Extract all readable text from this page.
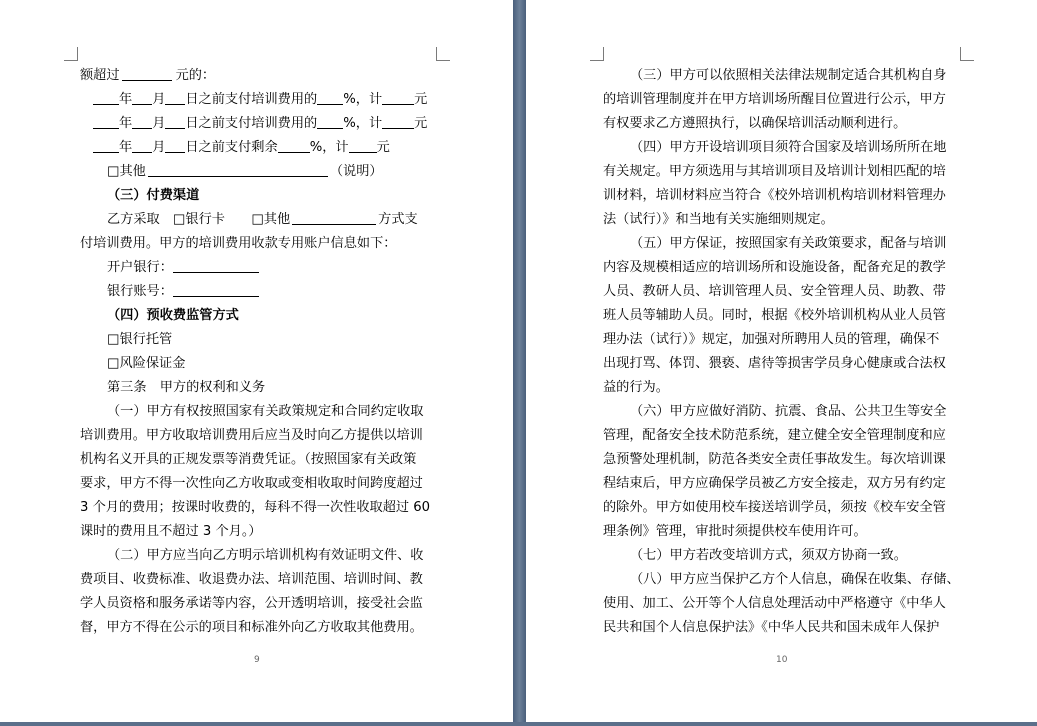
额超过	元的：
年 月 日之前支付培训费用的 %，计 元
年 月 日之前支付培训费用的 %，计 元
年 月 日之前支付剩余 %，计 元
□其他	（说明）
（三）付费渠道
乙方采取　□银行卡　　□其他	方式支
付培训费用。甲方的培训费用收款专用账户信息如下：
开户银行：
银行账号：
（四）预收费监管方式
□银行托管
□风险保证金
第三条　甲方的权利和义务
（一）甲方有权按照国家有关政策规定和合同约定收取
培训费用。甲方收取培训费用后应当及时向乙方提供以培训
机构名义开具的正规发票等消费凭证。（按照国家有关政策
要求，甲方不得一次性向乙方收取或变相收取时间跨度超过
3 个月的费用；按课时收费的，每科不得一次性收取超过 60
课时的费用且不超过 3 个月。）
（二）甲方应当向乙方明示培训机构有效证明文件、收
费项目、收费标准、收退费办法、培训范围、培训时间、教
学人员资格和服务承诺等内容，公开透明培训，接受社会监
督，甲方不得在公示的项目和标准外向乙方收取其他费用。
9
（三）甲方可以依照相关法律法规制定适合其机构自身
的培训管理制度并在甲方培训场所醒目位置进行公示，甲方
有权要求乙方遵照执行，以确保培训活动顺利进行。
（四）甲方开设培训项目须符合国家及培训场所所在地
有关规定。甲方须选用与其培训项目及培训计划相匹配的培
训材料，培训材料应当符合《校外培训机构培训材料管理办
法（试行）》和当地有关实施细则规定。
（五）甲方保证，按照国家有关政策要求，配备与培训
内容及规模相适应的培训场所和设施设备，配备充足的教学
人员、教研人员、培训管理人员、安全管理人员、助教、带
班人员等辅助人员。同时，根据《校外培训机构从业人员管
理办法（试行）》规定，加强对所聘用人员的管理，确保不
出现打骂、体罚、猥亵、虐待等损害学员身心健康或合法权
益的行为。
（六）甲方应做好消防、抗震、食品、公共卫生等安全
管理，配备安全技术防范系统，建立健全安全管理制度和应
急预警处理机制，防范各类安全责任事故发生。每次培训课
程结束后，甲方应确保学员被乙方安全接走，双方另有约定
的除外。甲方如使用校车接送培训学员，须按《校车安全管
理条例》管理，审批时须提供校车使用许可。
（七）甲方若改变培训方式，须双方协商一致。
（八）甲方应当保护乙方个人信息，确保在收集、存储、
使用、加工、公开等个人信息处理活动中严格遵守《中华人
民共和国个人信息保护法》《中华人民共和国未成年人保护
10
